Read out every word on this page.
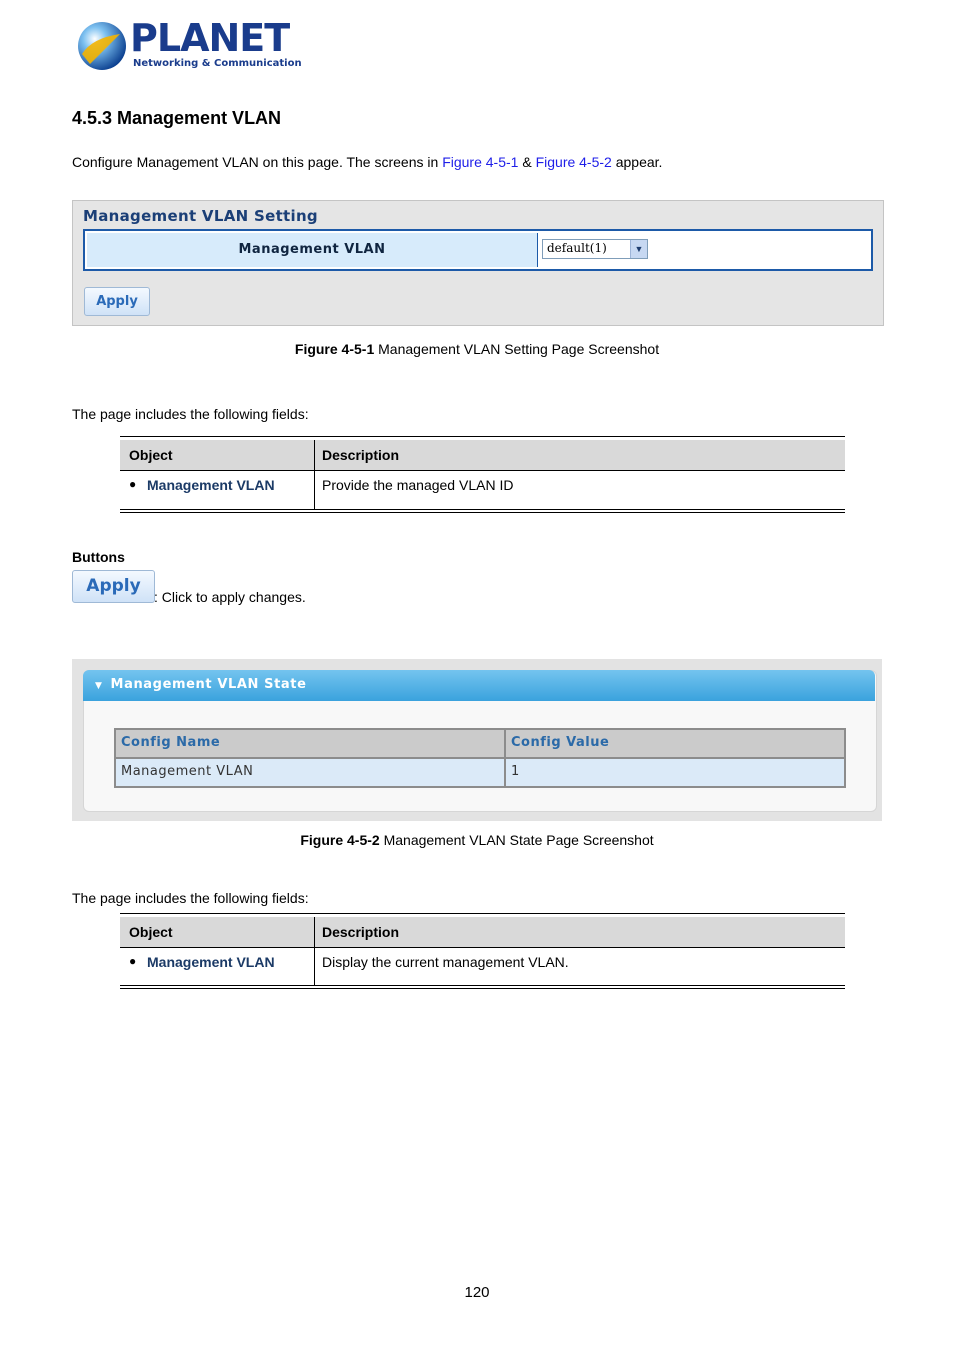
PLANET
Networking & Communication
4.5.3 Management VLAN
Configure Management VLAN on this page. The screens in Figure 4-5-1 & Figure 4-5-2 appear.
Management VLAN Setting
Management VLAN	default(1)	▼
Apply
Figure 4-5-1 Management VLAN Setting Page Screenshot
The page includes the following fields:
Object	Description
● Management VLAN	Provide the managed VLAN ID
Buttons
Apply
: Click to apply changes.
▼ Management VLAN State
Config Name	Config Value
Management VLAN	1
Figure 4-5-2 Management VLAN State Page Screenshot
The page includes the following fields:
Object	Description
● Management VLAN	Display the current management VLAN.
120
